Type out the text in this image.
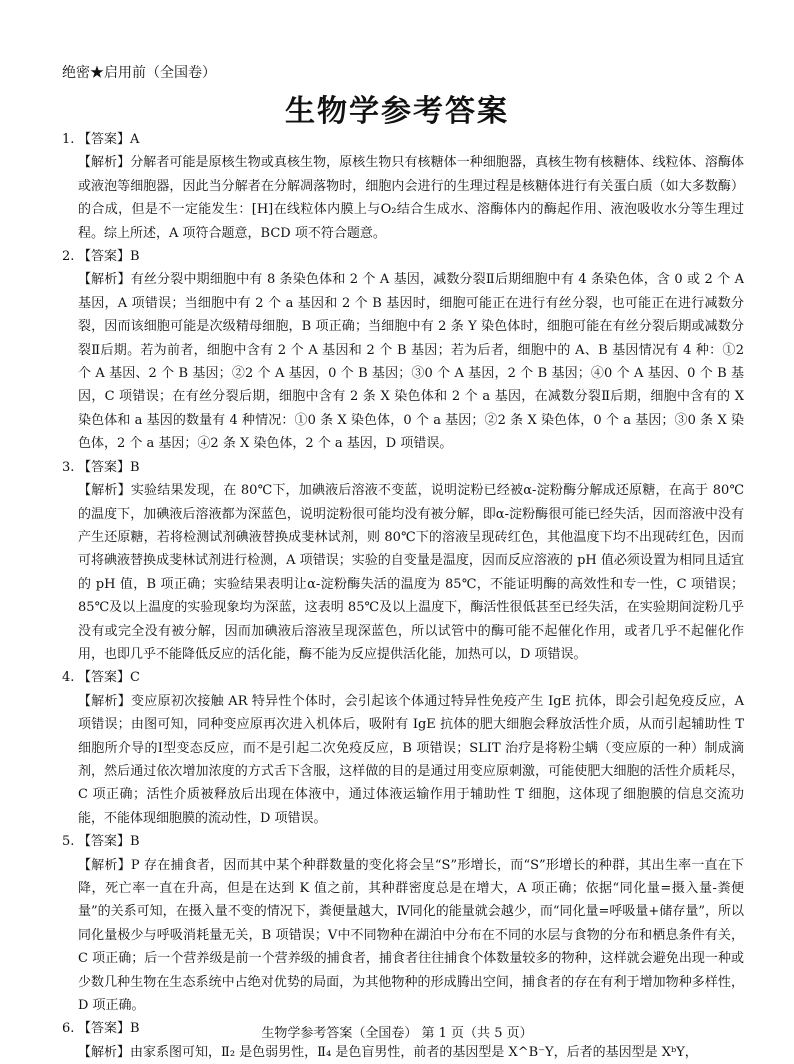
绝密★启用前（全国卷）
生物学参考答案
1. 【答案】A
【解析】分解者可能是原核生物或真核生物，原核生物只有核糖体一种细胞器，真核生物有核糖体、线粒体、溶酶体或液泡等细胞器，因此当分解者在分解凋落物时，细胞内会进行的生理过程是核糖体进行有关蛋白质（如大多数酶）的合成，但是不一定能发生：[H]在线粒体内膜上与O₂结合生成水、溶酶体内的酶起作用、液泡吸收水分等生理过程。综上所述，A 项符合题意，BCD 项不符合题意。
2. 【答案】B
【解析】有丝分裂中期细胞中有 8 条染色体和 2 个 A 基因，减数分裂Ⅱ后期细胞中有 4 条染色体，含 0 或 2 个 A 基因，A 项错误；当细胞中有 2 个 a 基因和 2 个 B 基因时，细胞可能正在进行有丝分裂，也可能正在进行减数分裂，因而该细胞可能是次级精母细胞，B 项正确；当细胞中有 2 条 Y 染色体时，细胞可能在有丝分裂后期或减数分裂Ⅱ后期。若为前者，细胞中含有 2 个 A 基因和 2 个 B 基因；若为后者，细胞中的 A、B 基因情况有 4 种：①2 个 A 基因、2 个 B 基因；②2 个 A 基因，0 个 B 基因；③0 个 A 基因，2 个 B 基因；④0 个 A 基因、0 个 B 基因，C 项错误；在有丝分裂后期，细胞中含有 2 条 X 染色体和 2 个 a 基因，在减数分裂Ⅱ后期，细胞中含有的 X 染色体和 a 基因的数量有 4 种情况：①0 条 X 染色体，0 个 a 基因；②2 条 X 染色体，0 个 a 基因；③0 条 X 染色体，2 个 a 基因；④2 条 X 染色体，2 个 a 基因，D 项错误。
3. 【答案】B
【解析】实验结果发现，在 80℃下，加碘液后溶液不变蓝，说明淀粉已经被α-淀粉酶分解成还原糖，在高于 80℃的温度下，加碘液后溶液都为深蓝色，说明淀粉很可能均没有被分解，即α-淀粉酶很可能已经失活，因而溶液中没有产生还原糖，若将检测试剂碘液替换成斐林试剂，则 80℃下的溶液呈现砖红色，其他温度下均不出现砖红色，因而可将碘液替换成斐林试剂进行检测，A 项错误；实验的自变量是温度，因而反应溶液的 pH 值必须设置为相同且适宜的 pH 值，B 项正确；实验结果表明让α-淀粉酶失活的温度为 85℃，不能证明酶的高效性和专一性，C 项错误；85℃及以上温度的实验现象均为深蓝，这表明 85℃及以上温度下，酶活性很低甚至已经失活，在实验期间淀粉几乎没有或完全没有被分解，因而加碘液后溶液呈现深蓝色，所以试管中的酶可能不起催化作用，或者几乎不起催化作用，也即几乎不能降低反应的活化能，酶不能为反应提供活化能，加热可以，D 项错误。
4. 【答案】C
【解析】变应原初次接触 AR 特异性个体时，会引起该个体通过特异性免疫产生 IgE 抗体，即会引起免疫反应，A 项错误；由图可知，同种变应原再次进入机体后，吸附有 IgE 抗体的肥大细胞会释放活性介质，从而引起辅助性 T 细胞所介导的Ⅰ型变态反应，而不是引起二次免疫反应，B 项错误；SLIT 治疗是将粉尘螨（变应原的一种）制成滴剂，然后通过依次增加浓度的方式舌下含服，这样做的目的是通过用变应原刺激，可能使肥大细胞的活性介质耗尽，C 项正确；活性介质被释放后出现在体液中，通过体液运输作用于辅助性 T 细胞，这体现了细胞膜的信息交流功能，不能体现细胞膜的流动性，D 项错误。
5. 【答案】B
【解析】P 存在捕食者，因而其中某个种群数量的变化将会呈“S”形增长，而“S”形增长的种群，其出生率一直在下降，死亡率一直在升高，但是在达到 K 值之前，其种群密度总是在增大，A 项正确；依据“同化量=摄入量-粪便量”的关系可知，在摄入量不变的情况下，粪便量越大，Ⅳ同化的能量就会越少，而“同化量=呼吸量+储存量”，所以同化量极少与呼吸消耗量无关，B 项错误；Ⅴ中不同物种在湖泊中分布在不同的水层与食物的分布和栖息条件有关，C 项正确；后一个营养级是前一个营养级的捕食者，捕食者往往捕食个体数量较多的物种，这样就会避免出现一种或少数几种生物在生态系统中占绝对优势的局面，为其他物种的形成腾出空间，捕食者的存在有利于增加物种多样性，D 项正确。
6. 【答案】B
【解析】由家系图可知，Ⅱ₂ 是色弱男性，Ⅱ₄ 是色盲男性，前者的基因型是 X^B⁻Y，后者的基因型是 XᵇY，
生物学参考答案（全国卷） 第 1 页（共 5 页）
